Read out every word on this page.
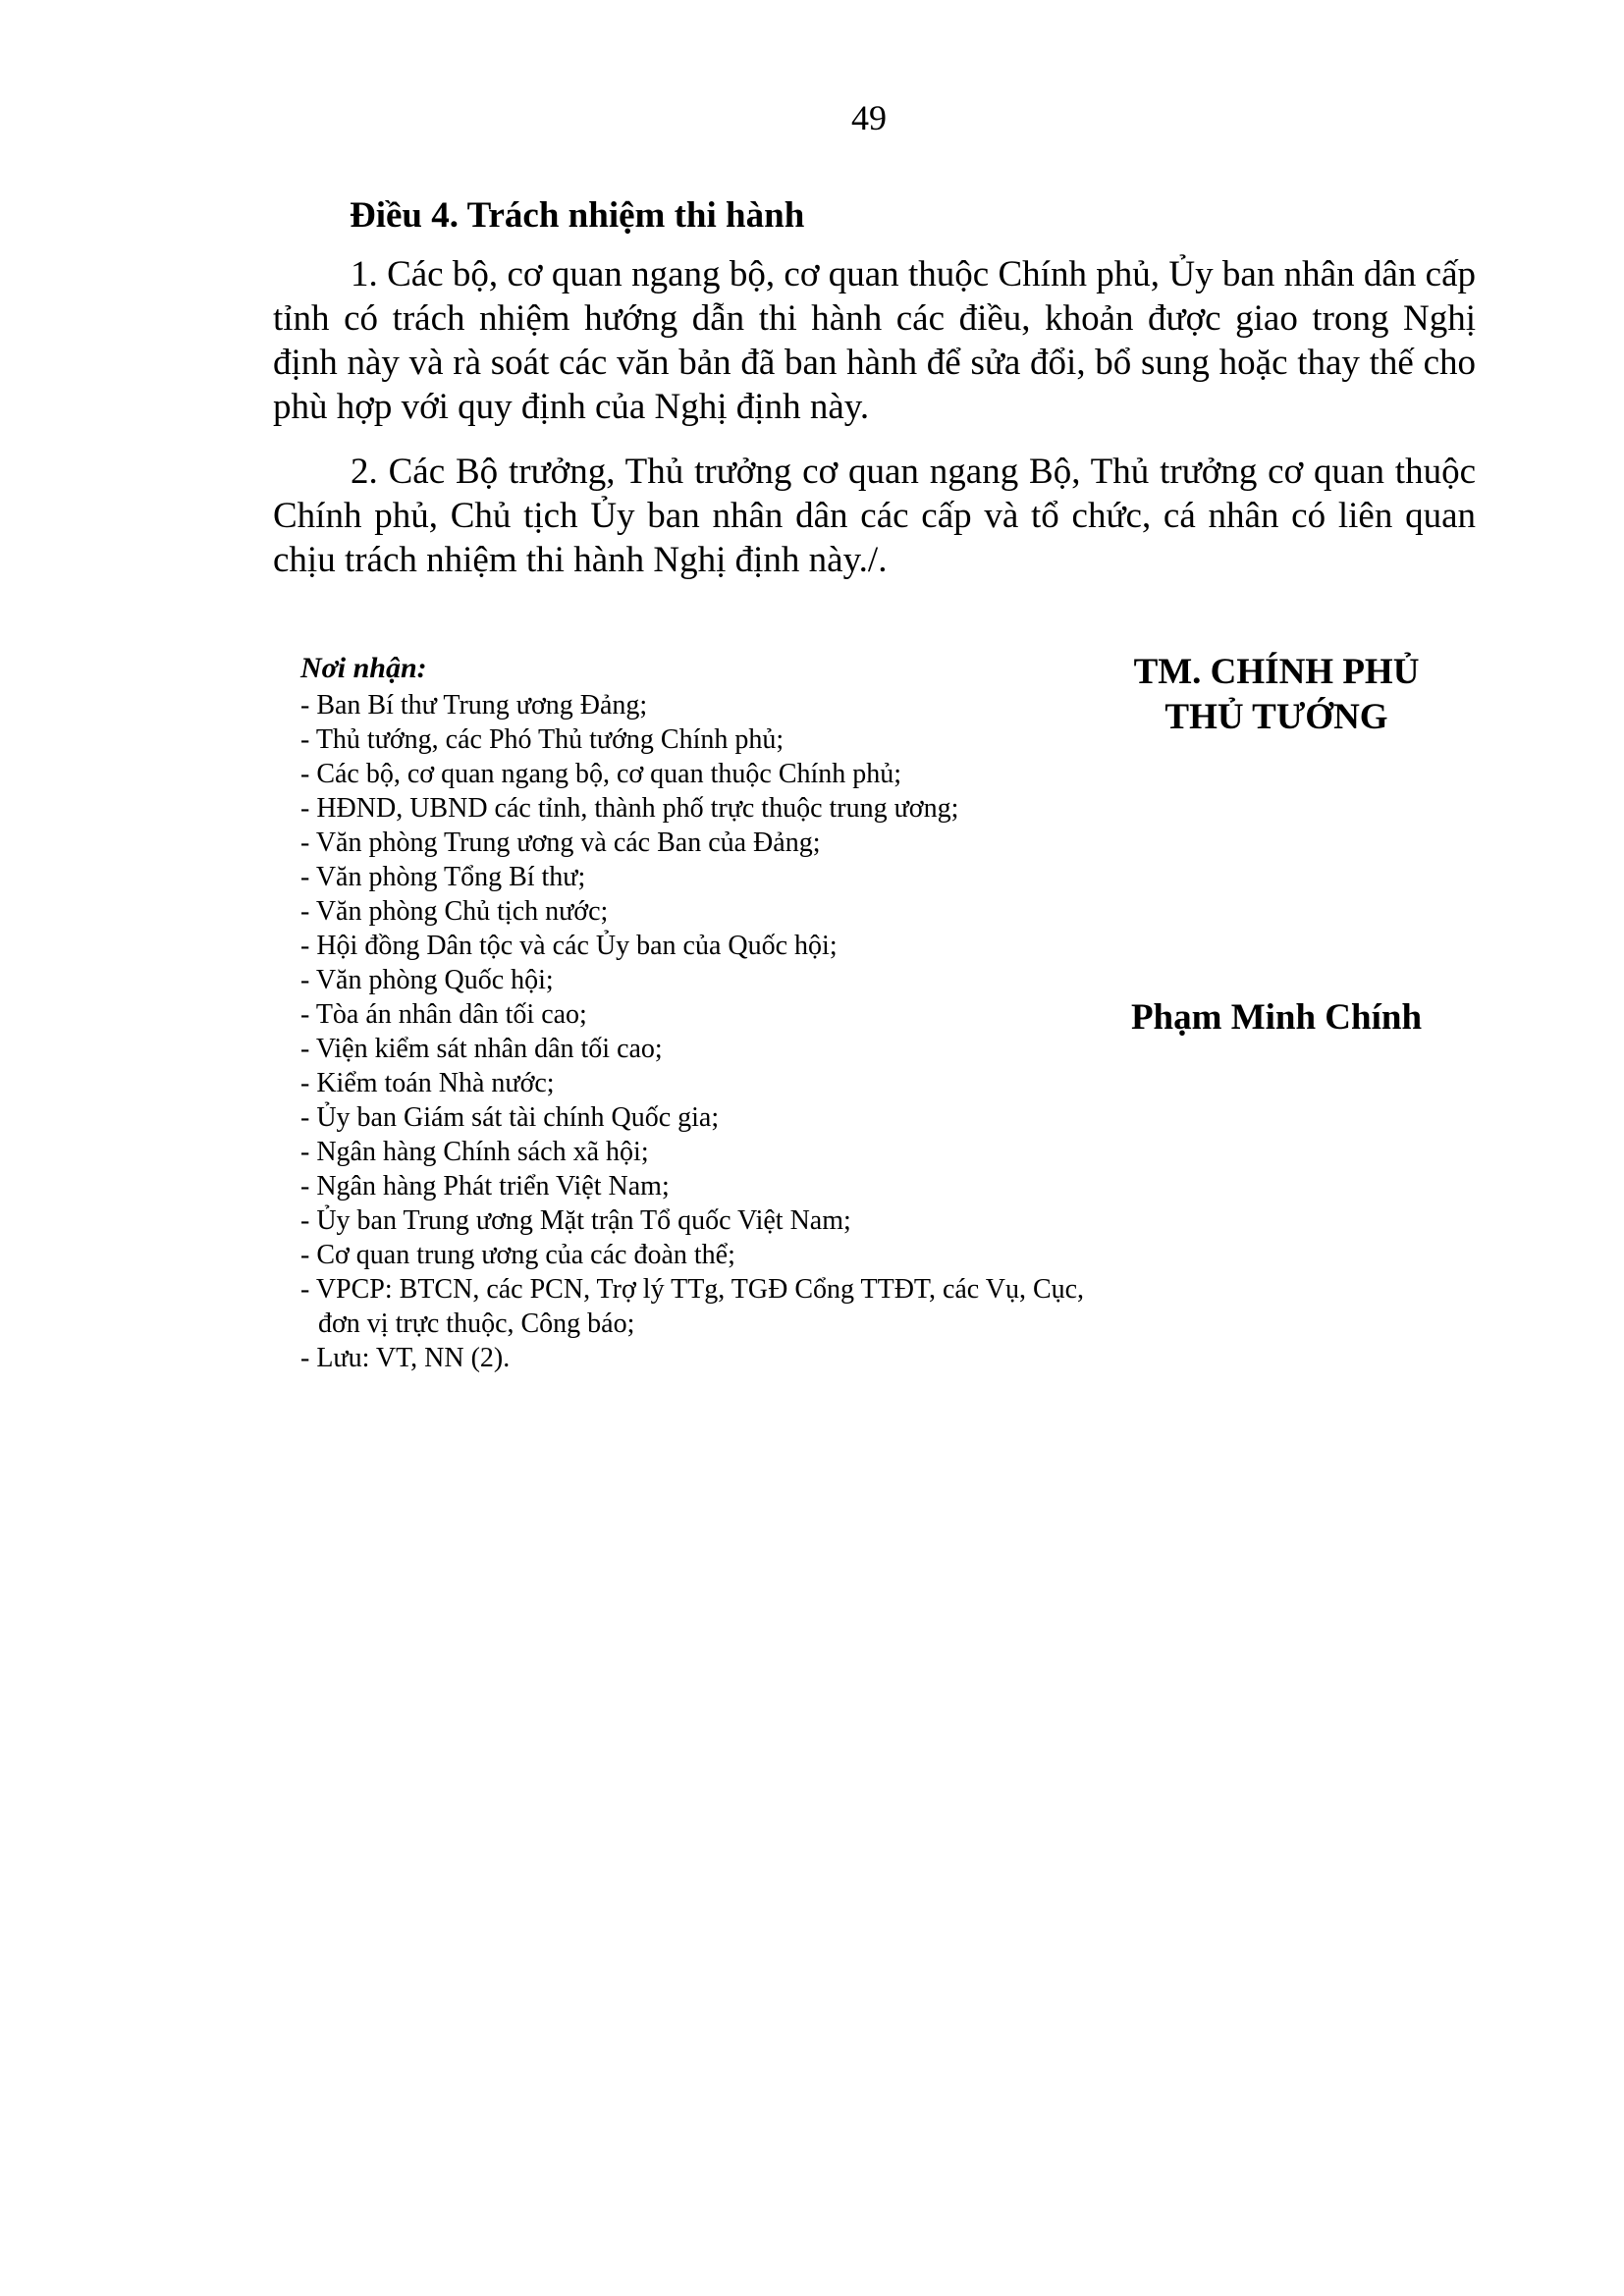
49
Điều 4. Trách nhiệm thi hành

1. Các bộ, cơ quan ngang bộ, cơ quan thuộc Chính phủ, Ủy ban nhân dân cấp tỉnh có trách nhiệm hướng dẫn thi hành các điều, khoản được giao trong Nghị định này và rà soát các văn bản đã ban hành để sửa đổi, bổ sung hoặc thay thế cho phù hợp với quy định của Nghị định này.

2. Các Bộ trưởng, Thủ trưởng cơ quan ngang Bộ, Thủ trưởng cơ quan thuộc Chính phủ, Chủ tịch Ủy ban nhân dân các cấp và tổ chức, cá nhân có liên quan chịu trách nhiệm thi hành Nghị định này./.

Nơi nhận:

- Ban Bí thư Trung ương Đảng;
- Thủ tướng, các Phó Thủ tướng Chính phủ;
- Các bộ, cơ quan ngang bộ, cơ quan thuộc Chính phủ;
- HĐND, UBND các tỉnh, thành phố trực thuộc trung ương;
- Văn phòng Trung ương và các Ban của Đảng;
- Văn phòng Tổng Bí thư;
- Văn phòng Chủ tịch nước;
- Hội đồng Dân tộc và các Ủy ban của Quốc hội;
- Văn phòng Quốc hội;
- Tòa án nhân dân tối cao;
- Viện kiểm sát nhân dân tối cao;
- Kiểm toán Nhà nước;
- Ủy ban Giám sát tài chính Quốc gia;
- Ngân hàng Chính sách xã hội;
- Ngân hàng Phát triển Việt Nam;
- Ủy ban Trung ương Mặt trận Tổ quốc Việt Nam;
- Cơ quan trung ương của các đoàn thể;
- VPCP: BTCN, các PCN, Trợ lý TTg, TGĐ Cổng TTĐT, các Vụ, Cục, đơn vị trực thuộc, Công báo;
- Lưu: VT, NN (2).

TM. CHÍNH PHỦ

THỦ TƯỚNG

Phạm Minh Chính
